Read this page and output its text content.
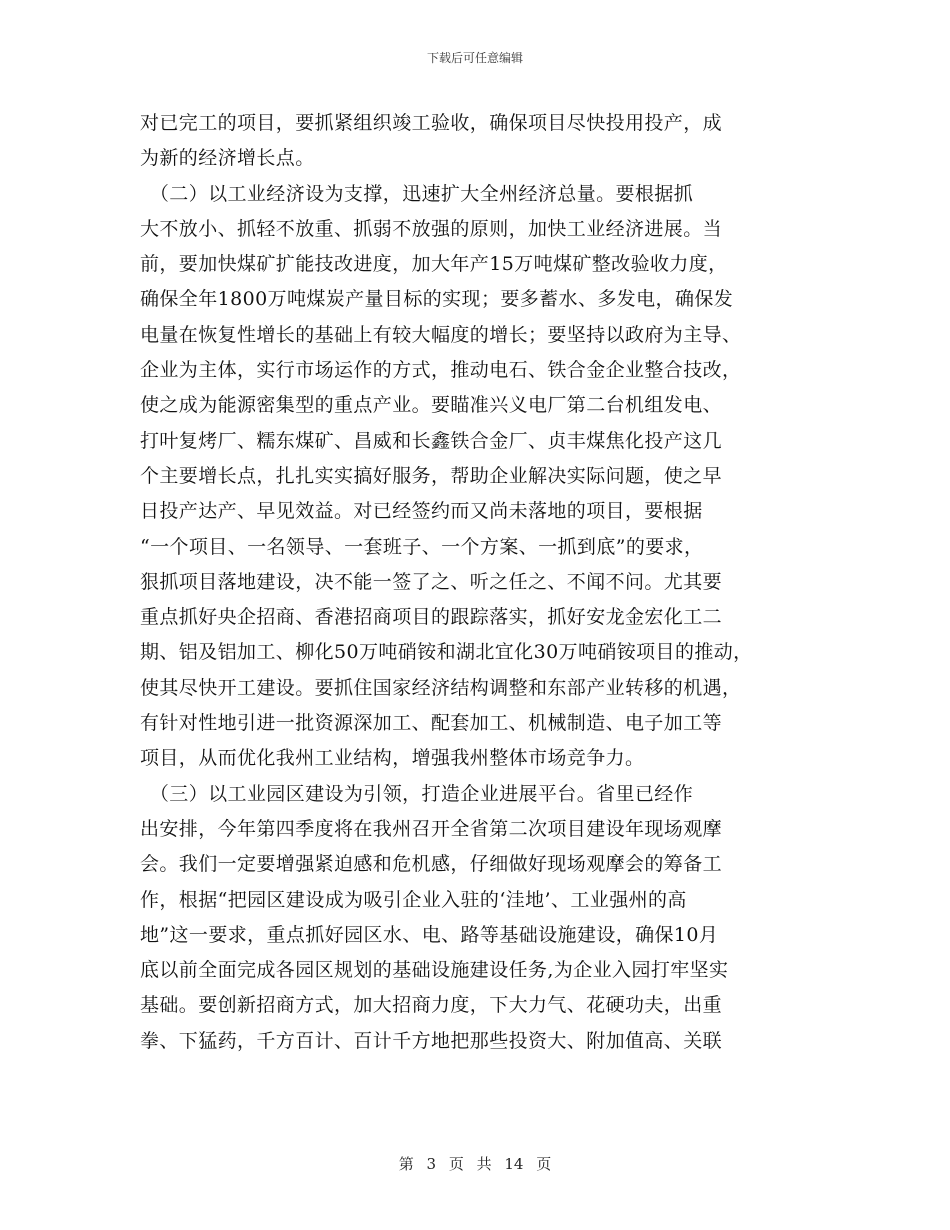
下载后可任意编辑
对已完工的项目，要抓紧组织竣工验收，确保项目尽快投用投产，成
为新的经济增长点。
　（二）以工业经济设为支撑，迅速扩大全州经济总量。要根据抓
大不放小、抓轻不放重、抓弱不放强的原则，加快工业经济进展。当
前，要加快煤矿扩能技改进度，加大年产15万吨煤矿整改验收力度，
确保全年1800万吨煤炭产量目标的实现；要多蓄水、多发电，确保发
电量在恢复性增长的基础上有较大幅度的增长；要坚持以政府为主导、
企业为主体，实行市场运作的方式，推动电石、铁合金企业整合技改，
使之成为能源密集型的重点产业。要瞄准兴义电厂第二台机组发电、
打叶复烤厂、糯东煤矿、昌威和长鑫铁合金厂、贞丰煤焦化投产这几
个主要增长点，扎扎实实搞好服务，帮助企业解决实际问题，使之早
日投产达产、早见效益。对已经签约而又尚未落地的项目，要根据
“一个项目、一名领导、一套班子、一个方案、一抓到底”的要求，
狠抓项目落地建设，决不能一签了之、听之任之、不闻不问。尤其要
重点抓好央企招商、香港招商项目的跟踪落实，抓好安龙金宏化工二
期、铝及铝加工、柳化50万吨硝铵和湖北宜化30万吨硝铵项目的推动，
使其尽快开工建设。要抓住国家经济结构调整和东部产业转移的机遇，
有针对性地引进一批资源深加工、配套加工、机械制造、电子加工等
项目，从而优化我州工业结构，增强我州整体市场竞争力。
　（三）以工业园区建设为引领，打造企业进展平台。省里已经作
出安排，今年第四季度将在我州召开全省第二次项目建设年现场观摩
会。我们一定要增强紧迫感和危机感，仔细做好现场观摩会的筹备工
作，根据“把园区建设成为吸引企业入驻的‘洼地’、工业强州的高
地”这一要求，重点抓好园区水、电、路等基础设施建设，确保10月
底以前全面完成各园区规划的基础设施建设任务,为企业入园打牢坚实
基础。要创新招商方式，加大招商力度，下大力气、花硬功夫，出重
拳、下猛药，千方百计、百计千方地把那些投资大、附加值高、关联
第 3 页 共 14 页
